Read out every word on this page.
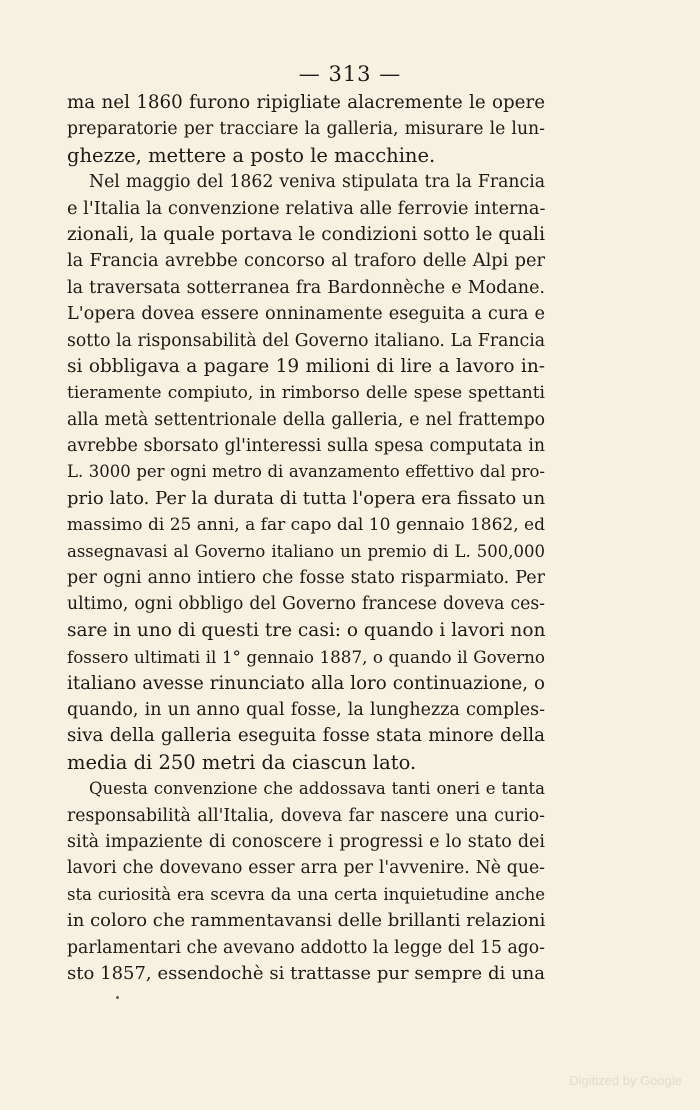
— 313 —
ma nel 1860 furono ripigliate alacremente le opere
preparatorie per tracciare la galleria, misurare le lun-
ghezze, mettere a posto le macchine.
Nel maggio del 1862 veniva stipulata tra la Francia
e l'Italia la convenzione relativa alle ferrovie interna-
zionali, la quale portava le condizioni sotto le quali
la Francia avrebbe concorso al traforo delle Alpi per
la traversata sotterranea fra Bardonnèche e Modane.
L'opera dovea essere onninamente eseguita a cura e
sotto la risponsabilità del Governo italiano. La Francia
si obbligava a pagare 19 milioni di lire a lavoro in-
tieramente compiuto, in rimborso delle spese spettanti
alla metà settentrionale della galleria, e nel frattempo
avrebbe sborsato gl'interessi sulla spesa computata in
L. 3000 per ogni metro di avanzamento effettivo dal pro-
prio lato. Per la durata di tutta l'opera era fissato un
massimo di 25 anni, a far capo dal 10 gennaio 1862, ed
assegnavasi al Governo italiano un premio di L. 500,000
per ogni anno intiero che fosse stato risparmiato. Per
ultimo, ogni obbligo del Governo francese doveva ces-
sare in uno di questi tre casi: o quando i lavori non
fossero ultimati il 1° gennaio 1887, o quando il Governo
italiano avesse rinunciato alla loro continuazione, o
quando, in un anno qual fosse, la lunghezza comples-
siva della galleria eseguita fosse stata minore della
media di 250 metri da ciascun lato.
Questa convenzione che addossava tanti oneri e tanta
responsabilità all'Italia, doveva far nascere una curio-
sità impaziente di conoscere i progressi e lo stato dei
lavori che dovevano esser arra per l'avvenire. Nè que-
sta curiosità era scevra da una certa inquietudine anche
in coloro che rammentavansi delle brillanti relazioni
parlamentari che avevano addotto la legge del 15 ago-
sto 1857, essendochè si trattasse pur sempre di una
Digitized by Google
